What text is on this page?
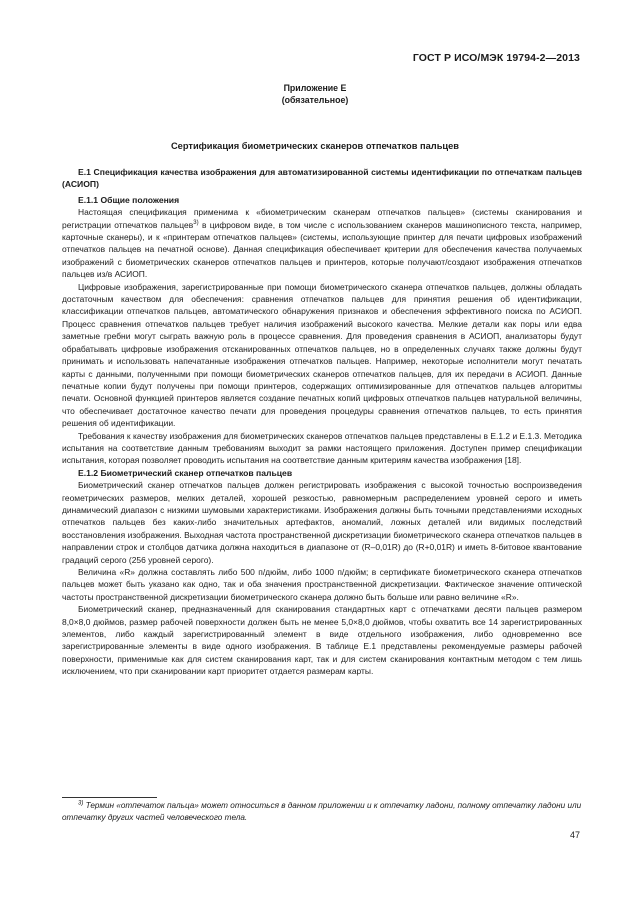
ГОСТ Р ИСО/МЭК 19794-2—2013
Приложение Е
(обязательное)
Сертификация биометрических сканеров отпечатков пальцев
Е.1 Спецификация качества изображения для автоматизированной системы идентификации по отпечаткам пальцев (АСИОП)
Е.1.1 Общие положения

Настоящая спецификация применима к «биометрическим сканерам отпечатков пальцев» (системы сканирования и регистрации отпечатков пальцев$^{3)}$ в цифровом виде, в том числе с использованием сканеров машинописного текста, например, карточные сканеры), и к «принтерам отпечатков пальцев» (системы, использующие принтер для печати цифровых изображений отпечатков пальцев на печатной основе). Данная спецификация обеспечивает критерии для обеспечения качества получаемых изображений с биометрических сканеров отпечатков пальцев и принтеров, которые получают/создают изображения отпечатков пальцев из/в АСИОП.

Цифровые изображения, зарегистрированные при помощи биометрического сканера отпечатков пальцев, должны обладать достаточным качеством для обеспечения: сравнения отпечатков пальцев для принятия решения об идентификации, классификации отпечатков пальцев, автоматического обнаружения признаков и обеспечения эффективного поиска по АСИОП. Процесс сравнения отпечатков пальцев требует наличия изображений высокого качества. Мелкие детали как поры или едва заметные гребни могут сыграть важную роль в процессе сравнения. Для проведения сравнения в АСИОП, анализаторы будут обрабатывать цифровые изображения отсканированных отпечатков пальцев, но в определенных случаях также должны будут принимать и использовать напечатанные изображения отпечатков пальцев. Например, некоторые исполнители могут печатать карты с данными, полученными при помощи биометрических сканеров отпечатков пальцев, для их передачи в АСИОП. Данные печатные копии будут получены при помощи принтеров, содержащих оптимизированные для отпечатков пальцев алгоритмы печати. Основной функцией принтеров является создание печатных копий цифровых отпечатков пальцев натуральной величины, что обеспечивает достаточное качество печати для проведения процедуры сравнения отпечатков пальцев, то есть принятия решения об идентификации.

Требования к качеству изображения для биометрических сканеров отпечатков пальцев представлены в Е.1.2 и Е.1.3. Методика испытания на соответствие данным требованиям выходит за рамки настоящего приложения. Доступен пример спецификации испытания, которая позволяет проводить испытания на соответствие данным критериям качества изображения [18].

Е.1.2 Биометрический сканер отпечатков пальцев

Биометрический сканер отпечатков пальцев должен регистрировать изображения с высокой точностью воспроизведения геометрических размеров, мелких деталей, хорошей резкостью, равномерным распределением уровней серого и иметь динамический диапазон с низкими шумовыми характеристиками. Изображения должны быть точными представлениями исходных отпечатков пальцев без каких-либо значительных артефактов, аномалий, ложных деталей или видимых последствий восстановления изображения. Выходная частота пространственной дискретизации биометрического сканера отпечатков пальцев в направлении строк и столбцов датчика должна находиться в диапазоне от (R–0,01R) до (R+0,01R) и иметь 8-битовое квантование градаций серого (256 уровней серого).

Величина «R» должна составлять либо 500 п/дюйм, либо 1000 п/дюйм; в сертификате биометрического сканера отпечатков пальцев может быть указано как одно, так и оба значения пространственной дискретизации. Фактическое значение оптической частоты пространственной дискретизации биометрического сканера должно быть больше или равно величине «R».

Биометрический сканер, предназначенный для сканирования стандартных карт с отпечатками десяти пальцев размером 8,0×8,0 дюймов, размер рабочей поверхности должен быть не менее 5,0×8,0 дюймов, чтобы охватить все 14 зарегистрированных элементов, либо каждый зарегистрированный элемент в виде отдельного изображения, либо одновременно все зарегистрированные элементы в виде одного изображения. В таблице Е.1 представлены рекомендуемые размеры рабочей поверхности, применимые как для систем сканирования карт, так и для систем сканирования контактным методом с тем лишь исключением, что при сканировании карт приоритет отдается размерам карты.

$^{3)}$ Термин «отпечаток пальца» может относиться в данном приложении и к отпечатку ладони, полному отпечатку ладони или отпечатку других частей человеческого тела.
47
